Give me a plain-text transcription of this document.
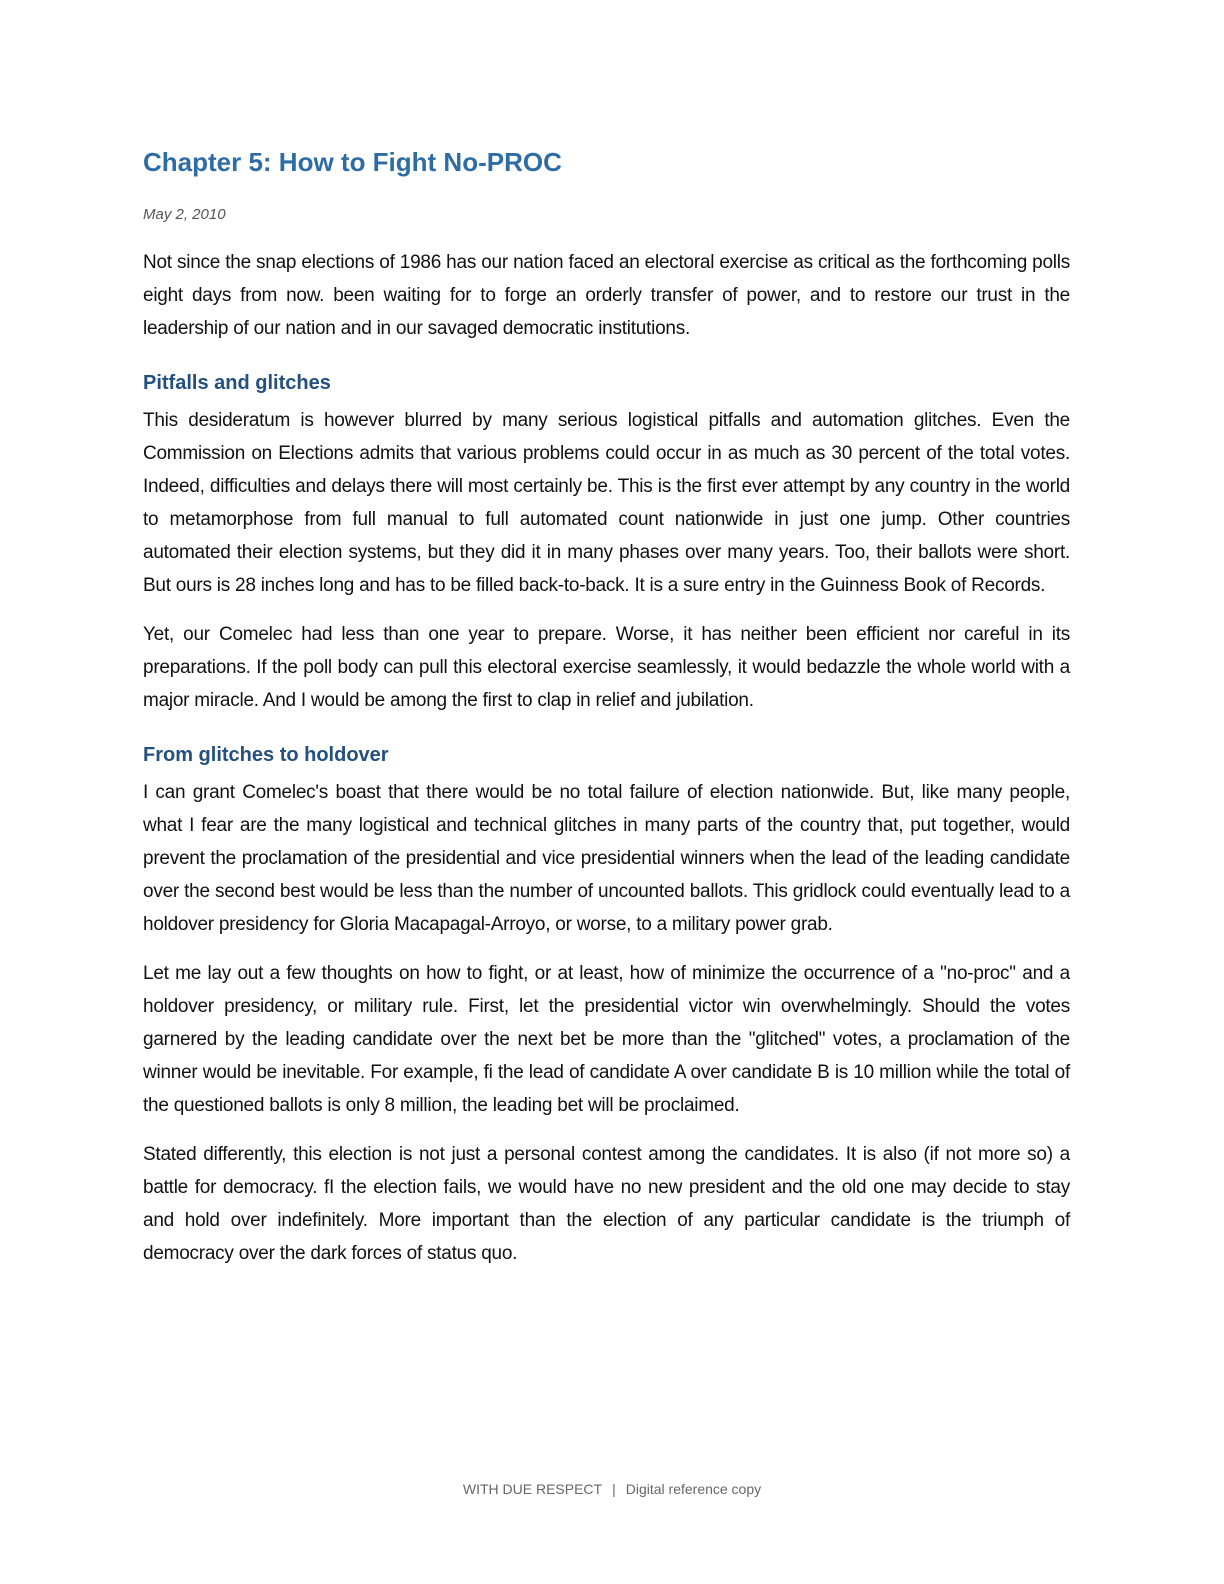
Chapter 5: How to Fight No-PROC
May 2, 2010

Not since the snap elections of 1986 has our nation faced an electoral exercise as critical as the forthcoming polls eight days from now. been waiting for to forge an orderly transfer of power, and to restore our trust in the leadership of our nation and in our savaged democratic institutions.

Pitfalls and glitches

This desideratum is however blurred by many serious logistical pitfalls and automation glitches. Even the Commission on Elections admits that various problems could occur in as much as 30 percent of the total votes. Indeed, difficulties and delays there will most certainly be. This is the first ever attempt by any country in the world to metamorphose from full manual to full automated count nationwide in just one jump. Other countries automated their election systems, but they did it in many phases over many years. Too, their ballots were short. But ours is 28 inches long and has to be filled back-to-back. It is a sure entry in the Guinness Book of Records.

Yet, our Comelec had less than one year to prepare. Worse, it has neither been efficient nor careful in its preparations. If the poll body can pull this electoral exercise seamlessly, it would bedazzle the whole world with a major miracle. And I would be among the first to clap in relief and jubilation.

From glitches to holdover

I can grant Comelec's boast that there would be no total failure of election nationwide. But, like many people, what I fear are the many logistical and technical glitches in many parts of the country that, put together, would prevent the proclamation of the presidential and vice presidential winners when the lead of the leading candidate over the second best would be less than the number of uncounted ballots. This gridlock could eventually lead to a holdover presidency for Gloria Macapagal-Arroyo, or worse, to a military power grab.

Let me lay out a few thoughts on how to fight, or at least, how of minimize the occurrence of a "no-proc" and a holdover presidency, or military rule. First, let the presidential victor win overwhelmingly. Should the votes garnered by the leading candidate over the next bet be more than the "glitched" votes, a proclamation of the winner would be inevitable. For example, fi the lead of candidate A over candidate B is 10 million while the total of the questioned ballots is only 8 million, the leading bet will be proclaimed.

Stated differently, this election is not just a personal contest among the candidates. It is also (if not more so) a battle for democracy. fI the election fails, we would have no new president and the old one may decide to stay and hold over indefinitely. More important than the election of any particular candidate is the triumph of democracy over the dark forces of status quo.

WITH DUE RESPECT | Digital reference copy
